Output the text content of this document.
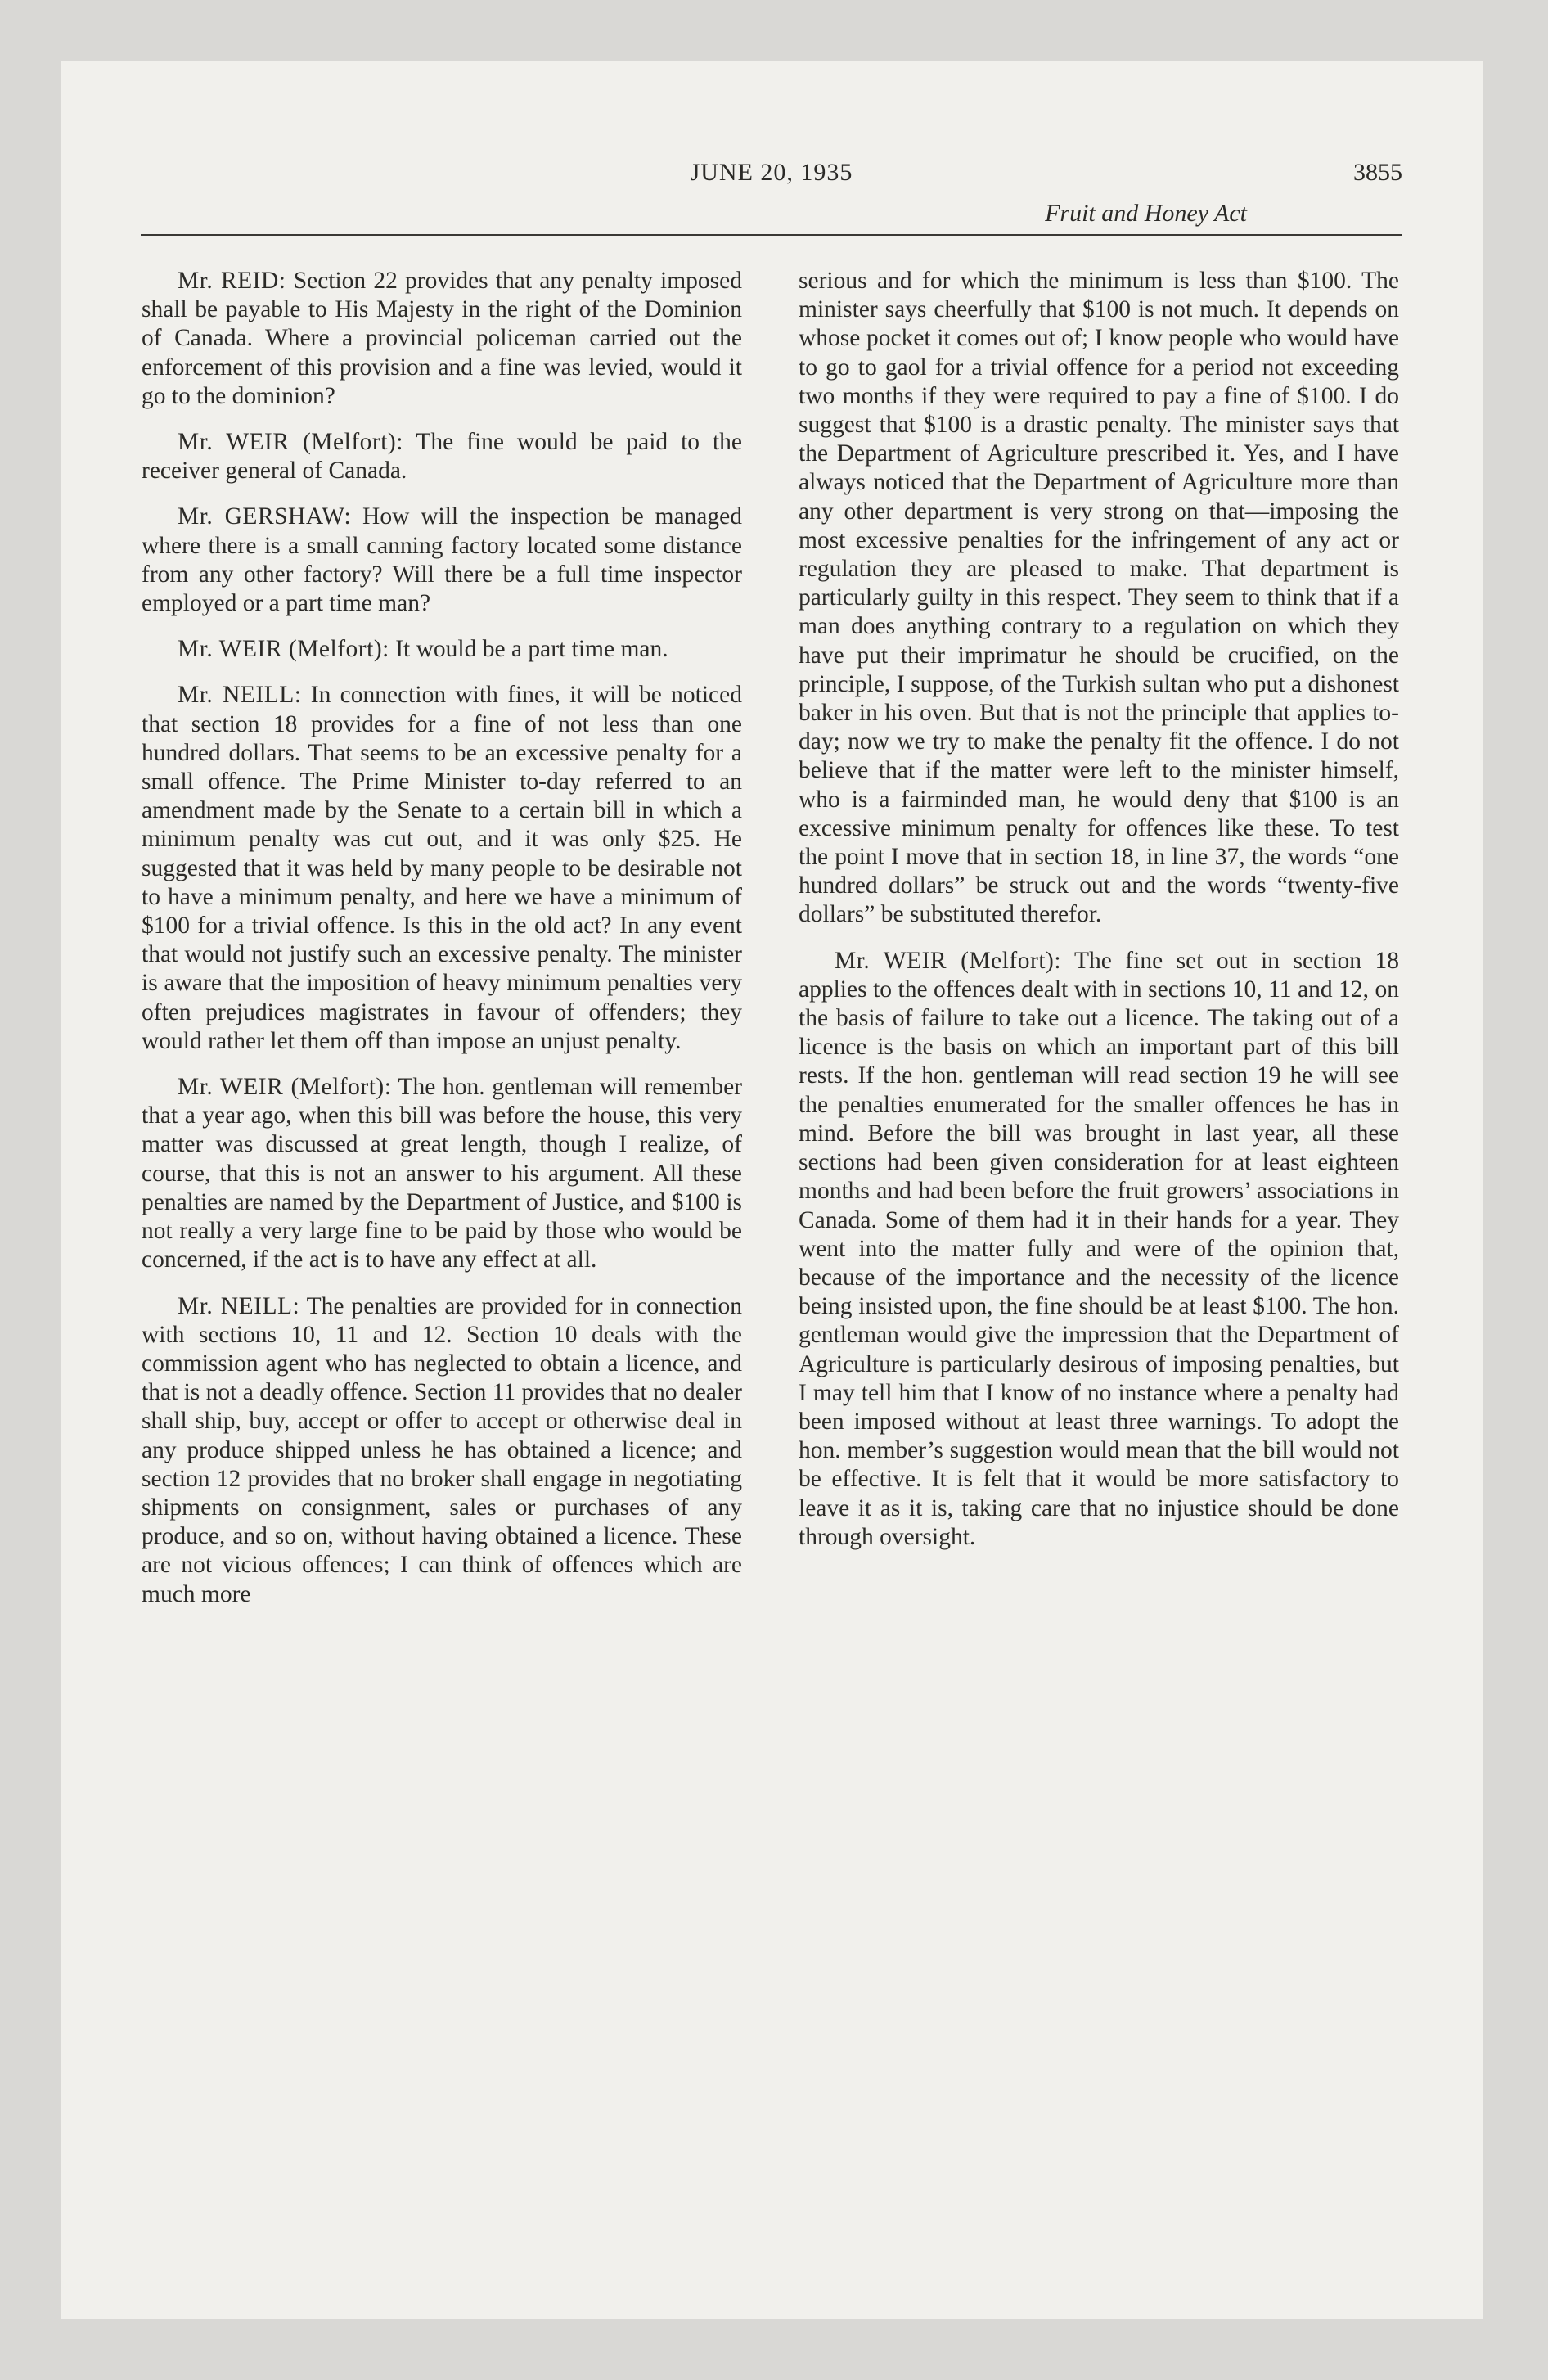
JUNE 20, 1935
Fruit and Honey Act
3855

Mr. REID: Section 22 provides that any penalty imposed shall be payable to His Majesty in the right of the Dominion of Canada. Where a provincial policeman carried out the enforcement of this provision and a fine was levied, would it go to the dominion?

Mr. WEIR (Melfort): The fine would be paid to the receiver general of Canada.

Mr. GERSHAW: How will the inspection be managed where there is a small canning factory located some distance from any other factory? Will there be a full time inspector employed or a part time man?

Mr. WEIR (Melfort): It would be a part time man.

Mr. NEILL: In connection with fines, it will be noticed that section 18 provides for a fine of not less than one hundred dollars. That seems to be an excessive penalty for a small offence. The Prime Minister to-day referred to an amendment made by the Senate to a certain bill in which a minimum penalty was cut out, and it was only $25. He suggested that it was held by many people to be desirable not to have a minimum penalty, and here we have a minimum of $100 for a trivial offence. Is this in the old act? In any event that would not justify such an excessive penalty. The minister is aware that the imposition of heavy minimum penalties very often prejudices magistrates in favour of offenders; they would rather let them off than impose an unjust penalty.

Mr. WEIR (Melfort): The hon. gentleman will remember that a year ago, when this bill was before the house, this very matter was discussed at great length, though I realize, of course, that this is not an answer to his argument. All these penalties are named by the Department of Justice, and $100 is not really a very large fine to be paid by those who would be concerned, if the act is to have any effect at all.

Mr. NEILL: The penalties are provided for in connection with sections 10, 11 and 12. Section 10 deals with the commission agent who has neglected to obtain a licence, and that is not a deadly offence. Section 11 provides that no dealer shall ship, buy, accept or offer to accept or otherwise deal in any produce shipped unless he has obtained a licence; and section 12 provides that no broker shall engage in negotiating shipments on consignment, sales or purchases of any produce, and so on, without having obtained a licence. These are not vicious offences; I can think of offences which are much more

serious and for which the minimum is less than $100. The minister says cheerfully that $100 is not much. It depends on whose pocket it comes out of; I know people who would have to go to gaol for a trivial offence for a period not exceeding two months if they were required to pay a fine of $100. I do suggest that $100 is a drastic penalty. The minister says that the Department of Agriculture prescribed it. Yes, and I have always noticed that the Department of Agriculture more than any other department is very strong on that—imposing the most excessive penalties for the infringement of any act or regulation they are pleased to make. That department is particularly guilty in this respect. They seem to think that if a man does anything contrary to a regulation on which they have put their imprimatur he should be crucified, on the principle, I suppose, of the Turkish sultan who put a dishonest baker in his oven. But that is not the principle that applies to-day; now we try to make the penalty fit the offence. I do not believe that if the matter were left to the minister himself, who is a fairminded man, he would deny that $100 is an excessive minimum penalty for offences like these. To test the point I move that in section 18, in line 37, the words “one hundred dollars” be struck out and the words “twenty-five dollars” be substituted therefor.

Mr. WEIR (Melfort): The fine set out in section 18 applies to the offences dealt with in sections 10, 11 and 12, on the basis of failure to take out a licence. The taking out of a licence is the basis on which an important part of this bill rests. If the hon. gentleman will read section 19 he will see the penalties enumerated for the smaller offences he has in mind. Before the bill was brought in last year, all these sections had been given consideration for at least eighteen months and had been before the fruit growers’ associations in Canada. Some of them had it in their hands for a year. They went into the matter fully and were of the opinion that, because of the importance and the necessity of the licence being insisted upon, the fine should be at least $100. The hon. gentleman would give the impression that the Department of Agriculture is particularly desirous of imposing penalties, but I may tell him that I know of no instance where a penalty had been imposed without at least three warnings. To adopt the hon. member’s suggestion would mean that the bill would not be effective. It is felt that it would be more satisfactory to leave it as it is, taking care that no injustice should be done through oversight.
